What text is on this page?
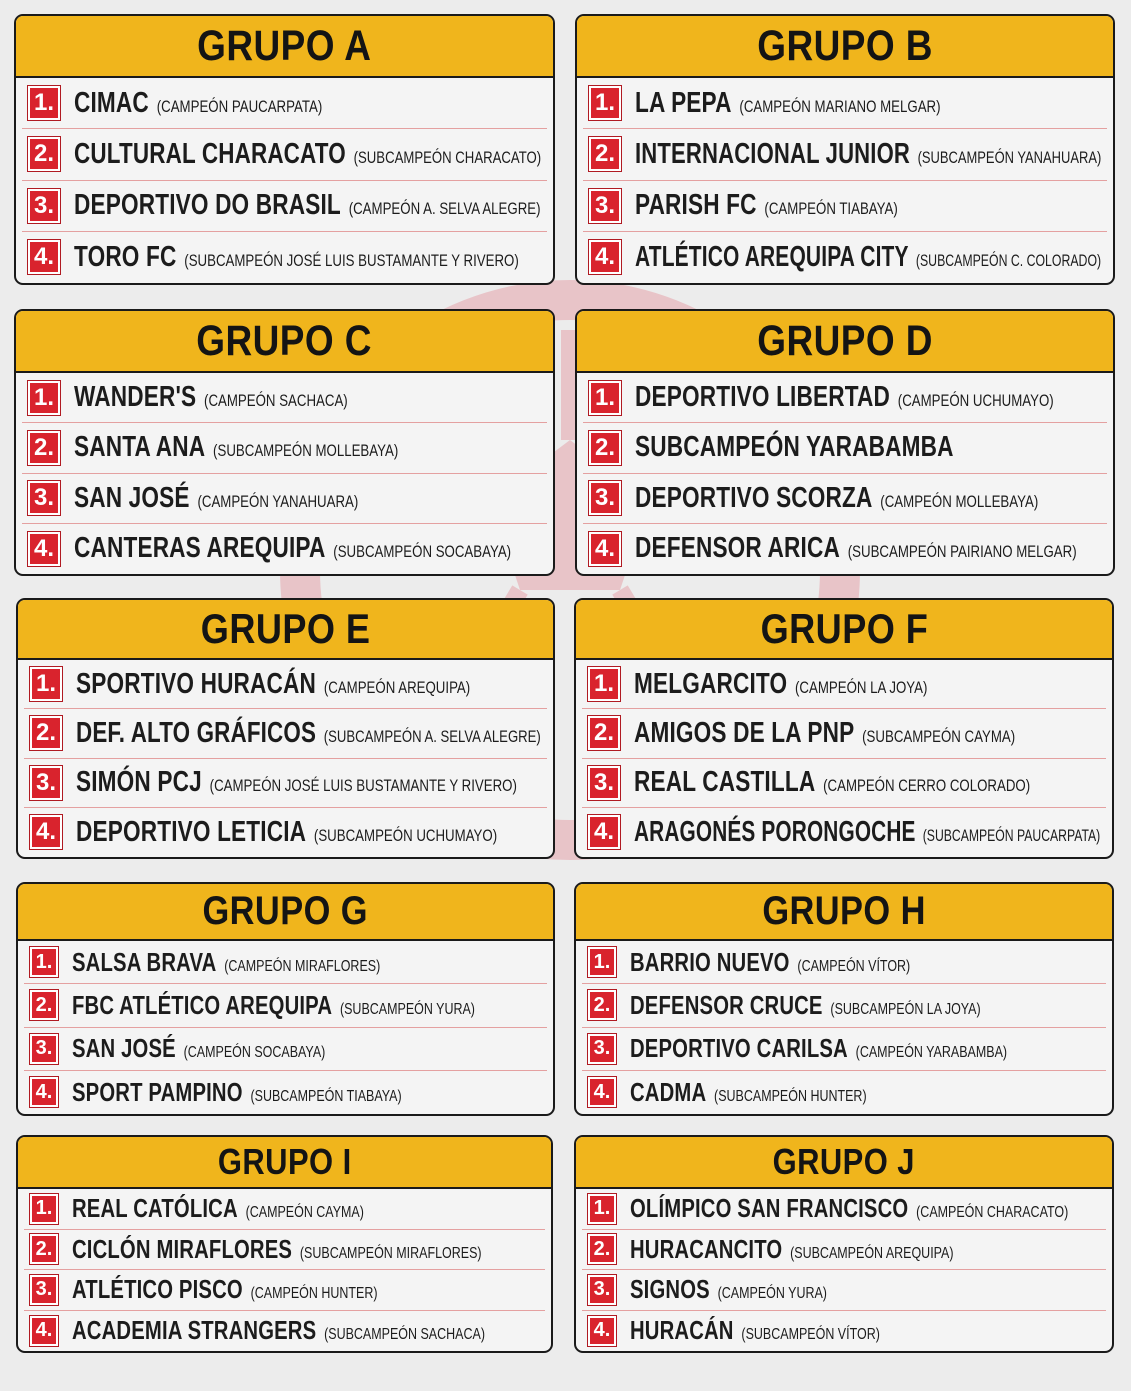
GRUPO A
1. CIMAC (CAMPEÓN PAUCARPATA)
2. CULTURAL CHARACATO (SUBCAMPEÓN CHARACATO)
3. DEPORTIVO DO BRASIL (CAMPEÓN A. SELVA ALEGRE)
4. TORO FC (SUBCAMPEÓN JOSÉ LUIS BUSTAMANTE Y RIVERO)
GRUPO B
1. LA PEPA (CAMPEÓN MARIANO MELGAR)
2. INTERNACIONAL JUNIOR (SUBCAMPEÓN YANAHUARA)
3. PARISH FC (CAMPEÓN TIABAYA)
4. ATLÉTICO AREQUIPA CITY (SUBCAMPEÓN C. COLORADO)
GRUPO C
1. WANDER'S (CAMPEÓN SACHACA)
2. SANTA ANA (SUBCAMPEÓN MOLLEBAYA)
3. SAN JOSÉ (CAMPEÓN YANAHUARA)
4. CANTERAS AREQUIPA (SUBCAMPEÓN SOCABAYA)
GRUPO D
1. DEPORTIVO LIBERTAD (CAMPEÓN UCHUMAYO)
2. SUBCAMPEÓN YARABAMBA
3. DEPORTIVO SCORZA (CAMPEÓN MOLLEBAYA)
4. DEFENSOR ARICA (SUBCAMPEÓN PAIRIANO MELGAR)
GRUPO E
1. SPORTIVO HURACÁN (CAMPEÓN AREQUIPA)
2. DEF. ALTO GRÁFICOS (SUBCAMPEÓN A. SELVA ALEGRE)
3. SIMÓN PCJ (CAMPEÓN JOSÉ LUIS BUSTAMANTE Y RIVERO)
4. DEPORTIVO LETICIA (SUBCAMPEÓN UCHUMAYO)
GRUPO F
1. MELGARCITO (CAMPEÓN LA JOYA)
2. AMIGOS DE LA PNP (SUBCAMPEÓN CAYMA)
3. REAL CASTILLA (CAMPEÓN CERRO COLORADO)
4. ARAGONÉS PORONGOCHE (SUBCAMPEÓN PAUCARPATA)
GRUPO G
1. SALSA BRAVA (CAMPEÓN MIRAFLORES)
2. FBC ATLÉTICO AREQUIPA (SUBCAMPEÓN YURA)
3. SAN JOSÉ (CAMPEÓN SOCABAYA)
4. SPORT PAMPINO (SUBCAMPEÓN TIABAYA)
GRUPO H
1. BARRIO NUEVO (CAMPEÓN VÍTOR)
2. DEFENSOR CRUCE (SUBCAMPEÓN LA JOYA)
3. DEPORTIVO CARILSA (CAMPEÓN YARABAMBA)
4. CADMA (SUBCAMPEÓN HUNTER)
GRUPO I
1. REAL CATÓLICA (CAMPEÓN CAYMA)
2. CICLÓN MIRAFLORES (SUBCAMPEÓN MIRAFLORES)
3. ATLÉTICO PISCO (CAMPEÓN HUNTER)
4. ACADEMIA STRANGERS (SUBCAMPEÓN SACHACA)
GRUPO J
1. OLÍMPICO SAN FRANCISCO (CAMPEÓN CHARACATO)
2. HURACANCITO (SUBCAMPEÓN AREQUIPA)
3. SIGNOS (CAMPEÓN YURA)
4. HURACÁN (SUBCAMPEÓN VÍTOR)
